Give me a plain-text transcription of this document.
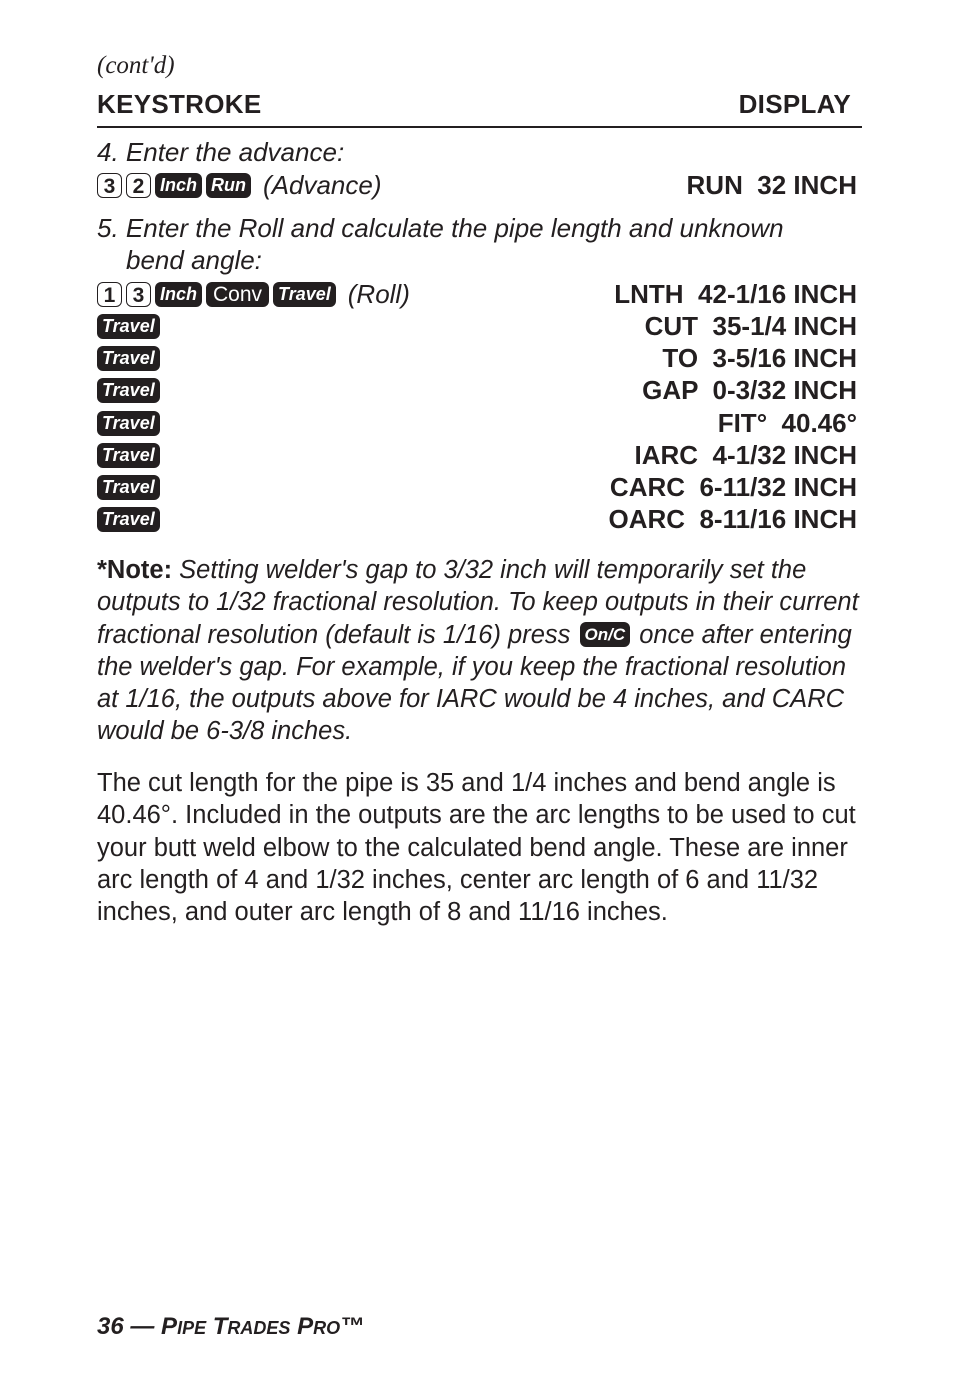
(cont'd)
KEYSTROKE	DISPLAY
4. Enter the advance:
3 2 Inch Run (Advance)	RUN  32 INCH
5. Enter the Roll and calculate the pipe length and unknown
bend angle:
1 3 Inch Conv Travel (Roll)	LNTH  42-1/16 INCH
Travel	CUT  35-1/4 INCH
Travel	TO  3-5/16 INCH
Travel	GAP  0-3/32 INCH
Travel	FIT°  40.46°
Travel	IARC  4-1/32 INCH
Travel	CARC  6-11/32 INCH
Travel	OARC  8-11/16 INCH
*Note: Setting welder's gap to 3/32 inch will temporarily set the outputs to 1/32 fractional resolution. To keep outputs in their current fractional resolution (default is 1/16) press On/C once after entering the welder's gap. For example, if you keep the fractional resolution at 1/16, the outputs above for IARC would be 4 inches, and CARC would be 6-3/8 inches.
The cut length for the pipe is 35 and 1/4 inches and bend angle is 40.46°. Included in the outputs are the arc lengths to be used to cut your butt weld elbow to the calculated bend angle. These are inner arc length of 4 and 1/32 inches, center arc length of 6 and 11/32 inches, and outer arc length of 8 and 11/16 inches.
36 — PIPE TRADES PRO™
